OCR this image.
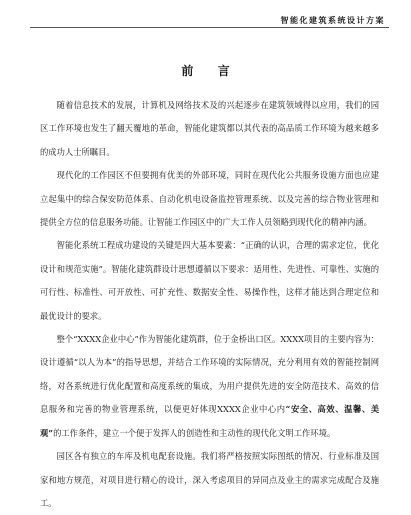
智能化建筑系统设计方案
前 言

随着信息技术的发展，计算机及网络技术及的兴起逐步在建筑领域得以应用，我们的园区工作环境也发生了翻天覆地的革命，智能化建筑都以其代表的高品质工作环境为越来越多的成功人士所瞩目。

现代化的工作园区不但要拥有优美的外部环境，同时在现代化公共服务设施方面也应建立起集中的综合保安防范体系、自动化机电设备监控管理系统、以及完善的综合物业管理和提供全方位的信息服务功能。让智能工作园区中的广大工作人员领略到现代化的精神内涵。

智能化系统工程成功建设的关键是四大基本要素：“正确的认识，合理的需求定位，优化设计和规范实施”。智能化建筑群设计思想遵循以下要求：适用性、先进性、可靠性、实施的可行性、标准性、可开放性、可扩充性、数据安全性、易操作性，这样才能达到合理定位和最优设计的要求。

整个“XXXX企业中心”作为智能化建筑群，位于金桥出口区。XXXX项目的主要内容为：设计遵循“以人为本”的指导思想，并结合工作环境的实际情况，充分利用有效的智能控制网络，对各系统进行优化配置和高度系统的集成，为用户提供先进的安全防范技术、高效的信息服务和完善的物业管理系统，以便更好体现XXXX企业中心内“安全、高效、温馨、美观”的工作条件，建立一个便于发挥人的创造性和主动性的现代化文明工作环境。

园区各有独立的车库及机电配套设施。我们将严格按照实际图纸的情况、行业标准及国家和地方规范，对项目进行精心的设计，深入考虑项目的异同点及业主的需求完成配合及施工。
